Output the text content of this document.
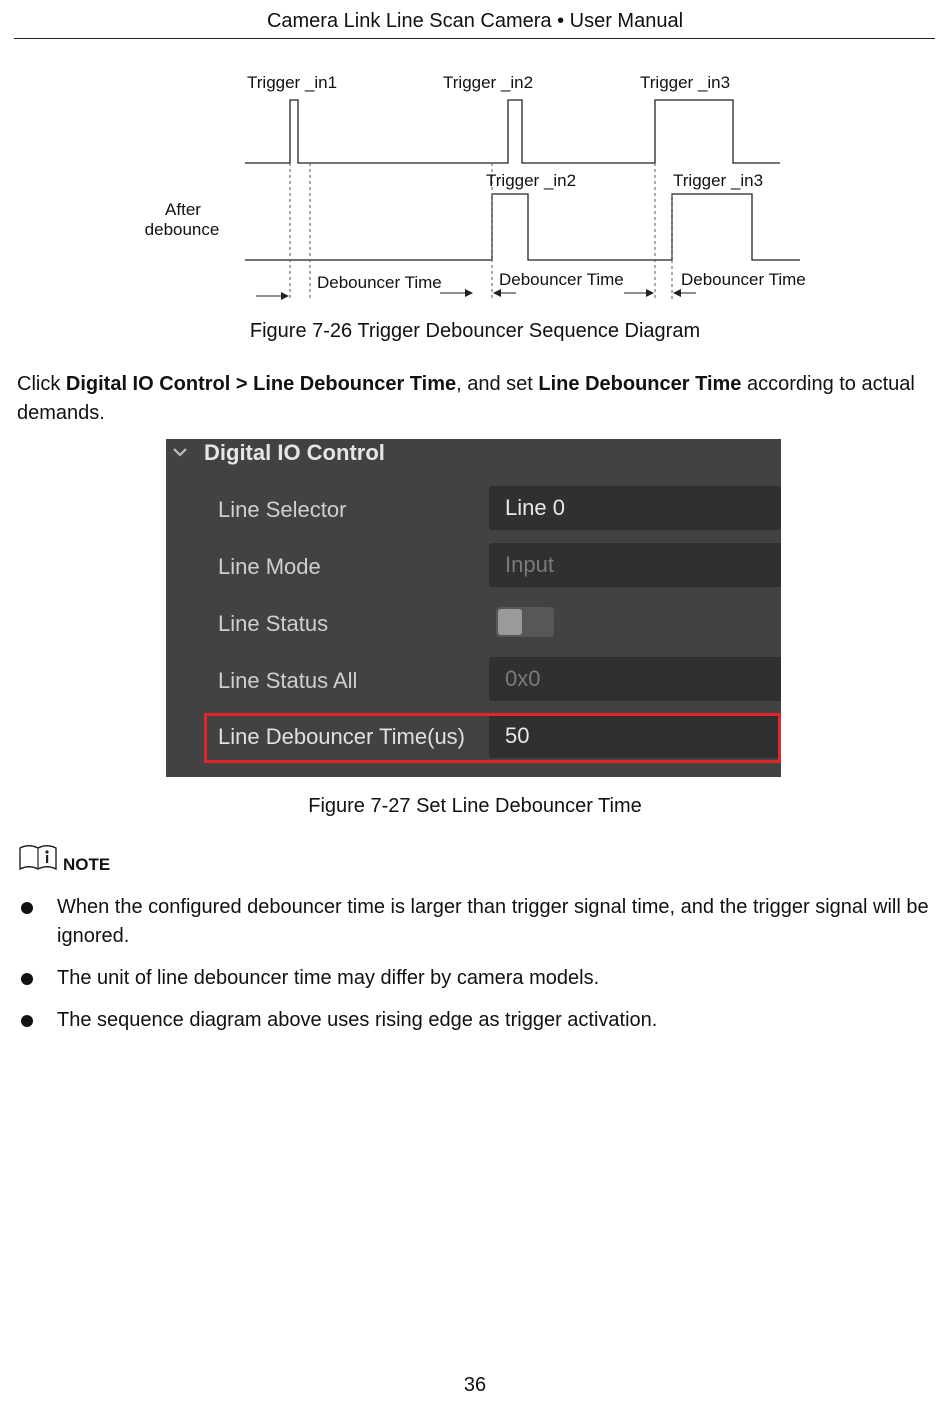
Camera Link Line Scan Camera • User Manual
Trigger _in1	Trigger _in2	Trigger _in3
Trigger _in2	Trigger _in3
After
debounce
Debouncer Time	Debouncer Time	Debouncer Time
Figure 7-26 Trigger Debouncer Sequence Diagram
Click Digital IO Control > Line Debouncer Time, and set Line Debouncer Time according to actual demands.
Digital IO Control
Line Selector	Line 0
Line Mode	Input
Line Status
Line Status All	0x0
Line Debouncer Time(us) 50
Figure 7-27 Set Line Debouncer Time
NOTE
When the configured debouncer time is larger than trigger signal time, and the trigger signal will be ignored.
The unit of line debouncer time may differ by camera models.
The sequence diagram above uses rising edge as trigger activation.
36
